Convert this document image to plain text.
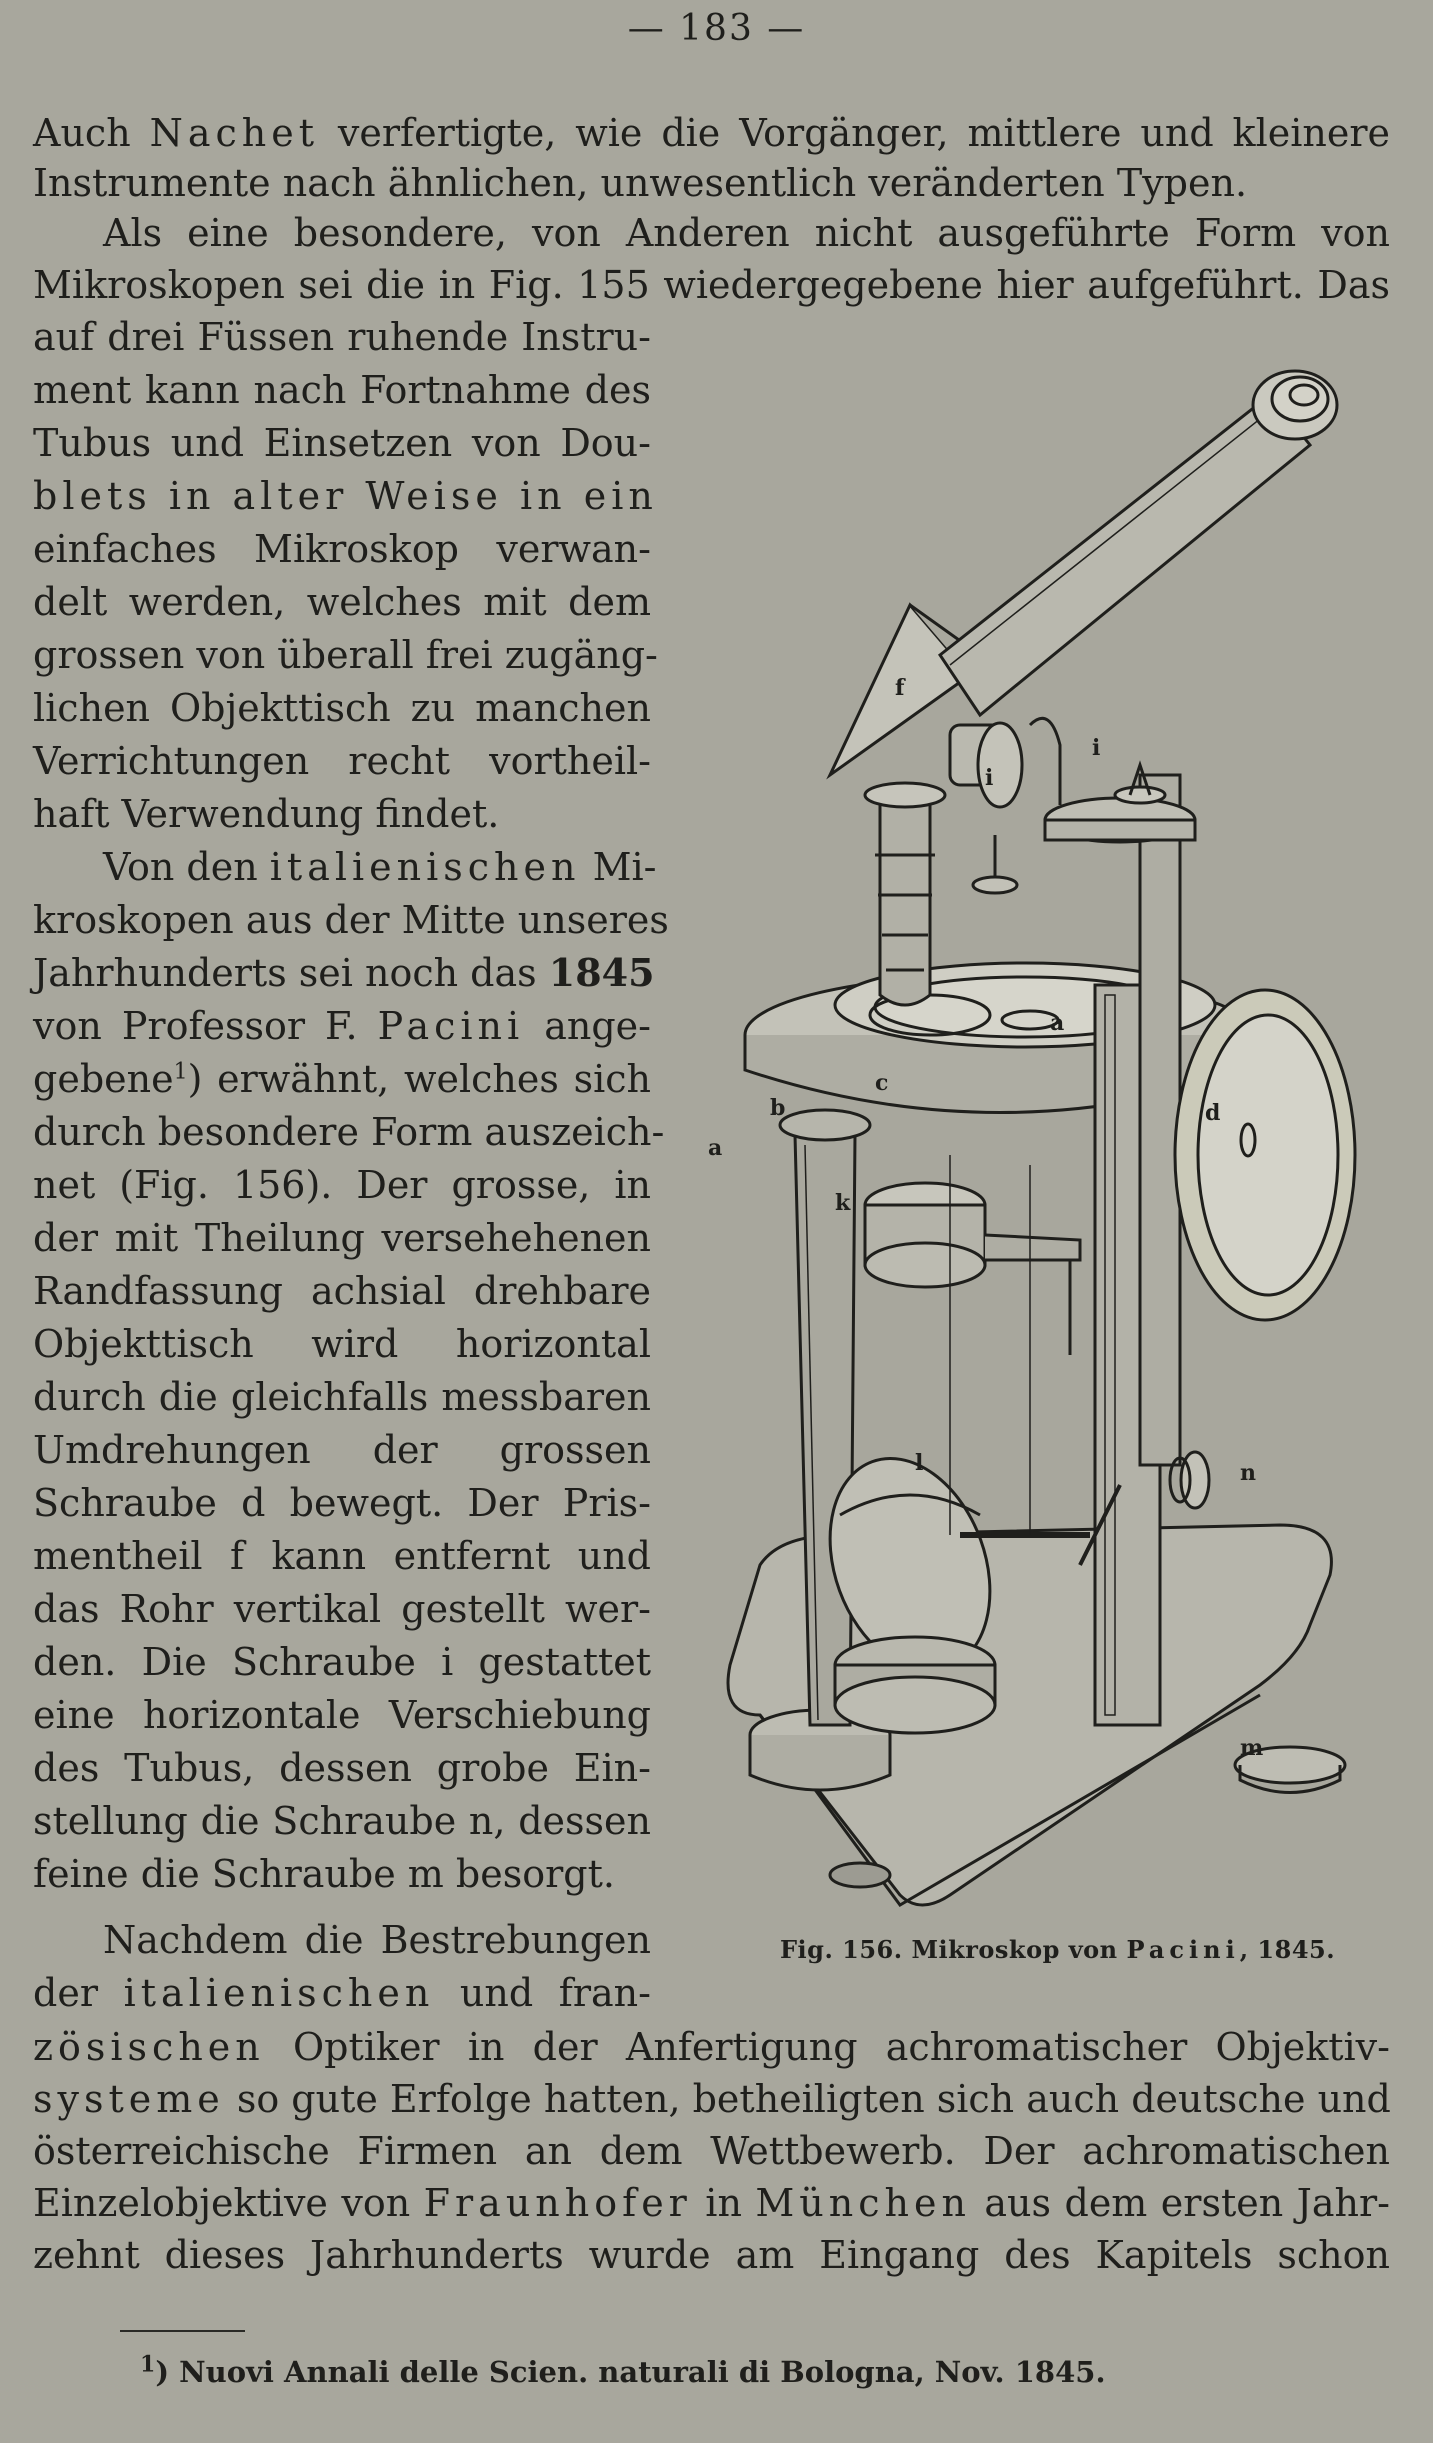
— 183 —
Auch Nachet verfertigte, wie die Vorgänger, mittlere und kleinere
Instrumente nach ähnlichen, unwesentlich veränderten Typen.
Als eine besondere, von Anderen nicht ausgeführte Form von
Mikroskopen sei die in Fig. 155 wiedergegebene hier aufgeführt. Das
auf drei Füssen ruhende Instru-
ment kann nach Fortnahme des
Tubus und Einsetzen von Dou-
blets in alter Weise in ein
einfaches Mikroskop verwan-
delt werden, welches mit dem
grossen von überall frei zugäng-
lichen Objekttisch zu manchen
Verrichtungen recht vortheil-
haft Verwendung findet.
Von den italienischen Mi-
kroskopen aus der Mitte unseres
Jahrhunderts sei noch das 1845
von Professor F. Pacini ange-
gebene$^1$) erwähnt, welches sich
durch besondere Form auszeich-
net (Fig. 156). Der grosse, in
der mit Theilung versehehenen
Randfassung achsial drehbare
Objekttisch wird horizontal
durch die gleichfalls messbaren
Umdrehungen der grossen
Schraube d bewegt. Der Pris-
mentheil f kann entfernt und
das Rohr vertikal gestellt wer-
den. Die Schraube i gestattet
eine horizontale Verschiebung
des Tubus, dessen grobe Ein-
stellung die Schraube n, dessen
feine die Schraube m besorgt.
Nachdem die Bestrebungen
der italienischen und fran-
zösischen Optiker in der Anfertigung achromatischer Objektiv-
systeme so gute Erfolge hatten, betheiligten sich auch deutsche und
österreichische Firmen an dem Wettbewerb. Der achromatischen
Einzelobjektive von Fraunhofer in München aus dem ersten Jahr-
zehnt dieses Jahrhunderts wurde am Eingang des Kapitels schon
f
i
i
a
a
b
c
d
k
l	n
m
Fig. 156. Mikroskop von Pacini, 1845.
$^1$) Nuovi Annali delle Scien. naturali di Bologna, Nov. 1845.
